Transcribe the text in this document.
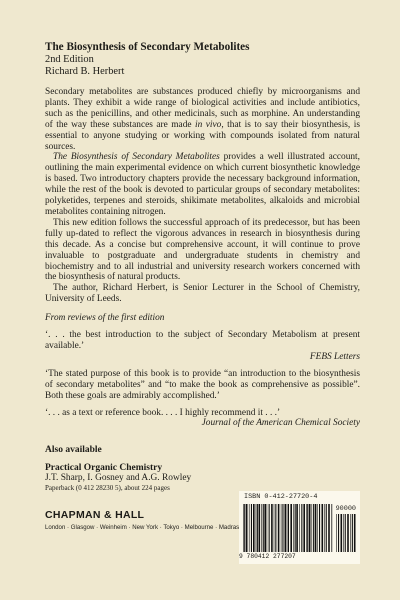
The Biosynthesis of Secondary Metabolites
2nd Edition
Richard B. Herbert

Secondary metabolites are substances produced chiefly by microorganisms and plants. They exhibit a wide range of biological activities and include antibiotics, such as the penicillins, and other medicinals, such as morphine. An understanding of the way these substances are made in vivo, that is to say their biosynthesis, is essential to anyone studying or working with compounds isolated from natural sources.

The Biosynthesis of Secondary Metabolites provides a well illustrated account, outlining the main experimental evidence on which current biosynthetic knowledge is based. Two introductory chapters provide the necessary background information, while the rest of the book is devoted to particular groups of secondary metabolites: polyketides, terpenes and steroids, shikimate metabolites, alkaloids and microbial metabolites containing nitrogen.

This new edition follows the successful approach of its predecessor, but has been fully up-dated to reflect the vigorous advances in research in biosynthesis during this decade. As a concise but comprehensive account, it will continue to prove invaluable to postgraduate and undergraduate students in chemistry and biochemistry and to all industrial and university research workers concerned with the biosynthesis of natural products.

The author, Richard Herbert, is Senior Lecturer in the School of Chemistry, University of Leeds.

From reviews of the first edition
‘. . . the best introduction to the subject of Secondary Metabolism at present available.’
FEBS Letters
‘The stated purpose of this book is to provide “an introduction to the biosynthesis of secondary metabolites” and “to make the book as comprehensive as possible”. Both these goals are admirably accomplished.’
‘. . . as a text or reference book. . . . I highly recommend it . . .’
Journal of the American Chemical Society
Also available
Practical Organic Chemistry
J.T. Sharp, I. Gosney and A.G. Rowley
Paperback (0 412 28230 5), about 224 pages
CHAPMAN & HALL
London · Glasgow · Weinheim · New York · Tokyo · Melbourne · Madras
ISBN 0-412-27720-4
90000
9 780412 277207
